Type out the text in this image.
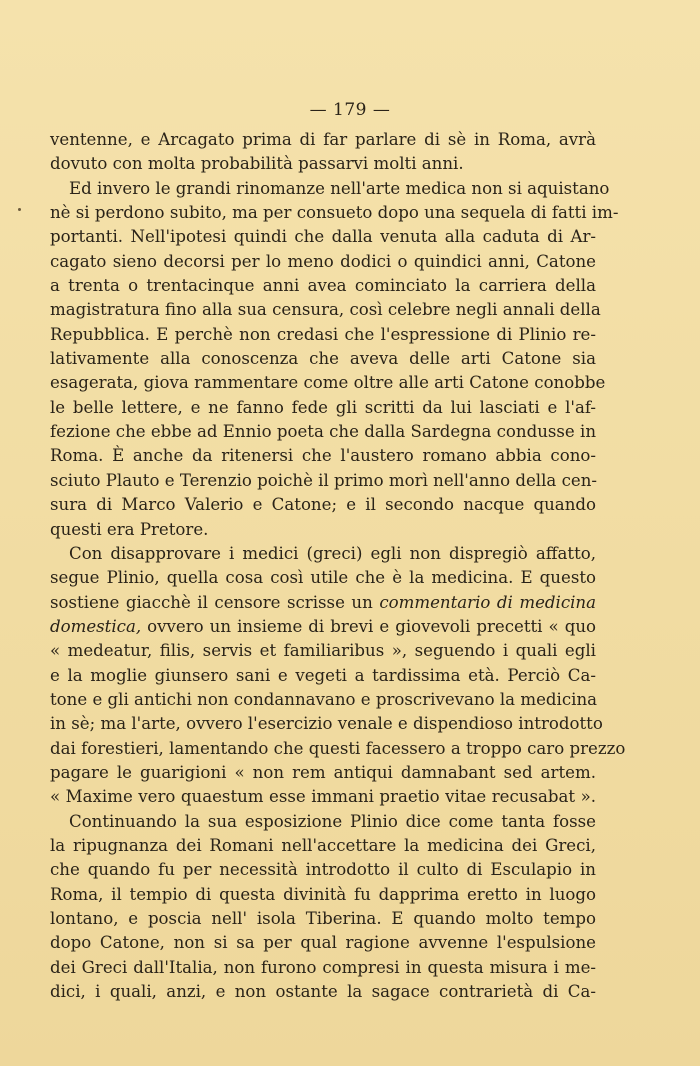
— 179 —
ventenne, e Arcagato prima di far parlare di sè in Roma, avrà
dovuto con molta probabilità passarvi molti anni.
Ed invero le grandi rinomanze nell'arte medica non si aquistano
nè si perdono subito, ma per consueto dopo una sequela di fatti im-
portanti. Nell'ipotesi quindi che dalla venuta alla caduta di Ar-
cagato sieno decorsi per lo meno dodici o quindici anni, Catone
a trenta o trentacinque anni avea cominciato la carriera della
magistratura fino alla sua censura, così celebre negli annali della
Repubblica. E perchè non credasi che l'espressione di Plinio re-
lativamente alla conoscenza che aveva delle arti Catone sia
esagerata, giova rammentare come oltre alle arti Catone conobbe
le belle lettere, e ne fanno fede gli scritti da lui lasciati e l'af-
fezione che ebbe ad Ennio poeta che dalla Sardegna condusse in
Roma. È anche da ritenersi che l'austero romano abbia cono-
sciuto Plauto e Terenzio poichè il primo morì nell'anno della cen-
sura di Marco Valerio e Catone; e il secondo nacque quando
questi era Pretore.
Con disapprovare i medici (greci) egli non dispregiò affatto,
segue Plinio, quella cosa così utile che è la medicina. E questo
sostiene giacchè il censore scrisse un commentario di medicina
domestica, ovvero un insieme di brevi e giovevoli precetti « quo
« medeatur, filis, servis et familiaribus », seguendo i quali egli
e la moglie giunsero sani e vegeti a tardissima età. Perciò Ca-
tone e gli antichi non condannavano e proscrivevano la medicina
in sè; ma l'arte, ovvero l'esercizio venale e dispendioso introdotto
dai forestieri, lamentando che questi facessero a troppo caro prezzo
pagare le guarigioni « non rem antiqui damnabant sed artem.
« Maxime vero quaestum esse immani praetio vitae recusabat ».
Continuando la sua esposizione Plinio dice come tanta fosse
la ripugnanza dei Romani nell'accettare la medicina dei Greci,
che quando fu per necessità introdotto il culto di Esculapio in
Roma, il tempio di questa divinità fu dapprima eretto in luogo
lontano, e poscia nell' isola Tiberina. E quando molto tempo
dopo Catone, non si sa per qual ragione avvenne l'espulsione
dei Greci dall'Italia, non furono compresi in questa misura i me-
dici, i quali, anzi, e non ostante la sagace contrarietà di Ca-
